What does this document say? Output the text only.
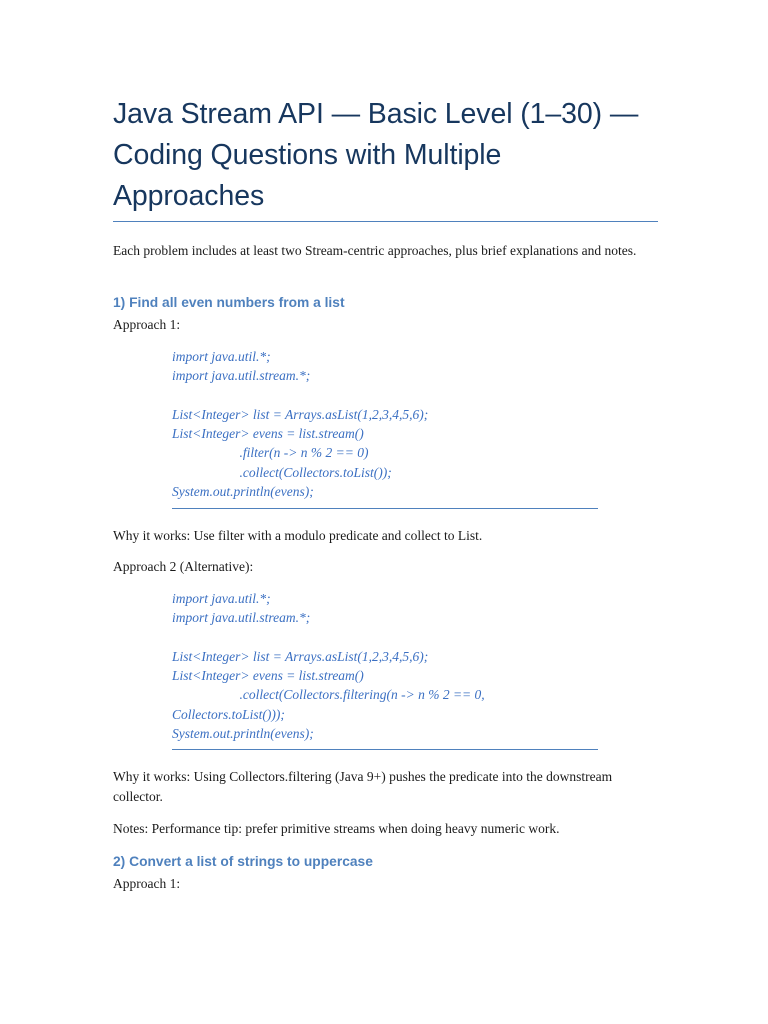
Java Stream API — Basic Level (1–30) —
Coding Questions with Multiple
Approaches

Each problem includes at least two Stream-centric approaches, plus brief explanations and notes.

1) Find all even numbers from a list

Approach 1:

import java.util.*;
import java.util.stream.*;
List<Integer> list = Arrays.asList(1,2,3,4,5,6);
List<Integer> evens = list.stream()
.filter(n -> n % 2 == 0)
.collect(Collectors.toList());
System.out.println(evens);

Why it works: Use filter with a modulo predicate and collect to List.

Approach 2 (Alternative):

import java.util.*;
import java.util.stream.*;
List<Integer> list = Arrays.asList(1,2,3,4,5,6);
List<Integer> evens = list.stream()
.collect(Collectors.filtering(n -> n % 2 == 0,
Collectors.toList()));
System.out.println(evens);

Why it works: Using Collectors.filtering (Java 9+) pushes the predicate into the downstream collector.

Notes: Performance tip: prefer primitive streams when doing heavy numeric work.

2) Convert a list of strings to uppercase

Approach 1:
